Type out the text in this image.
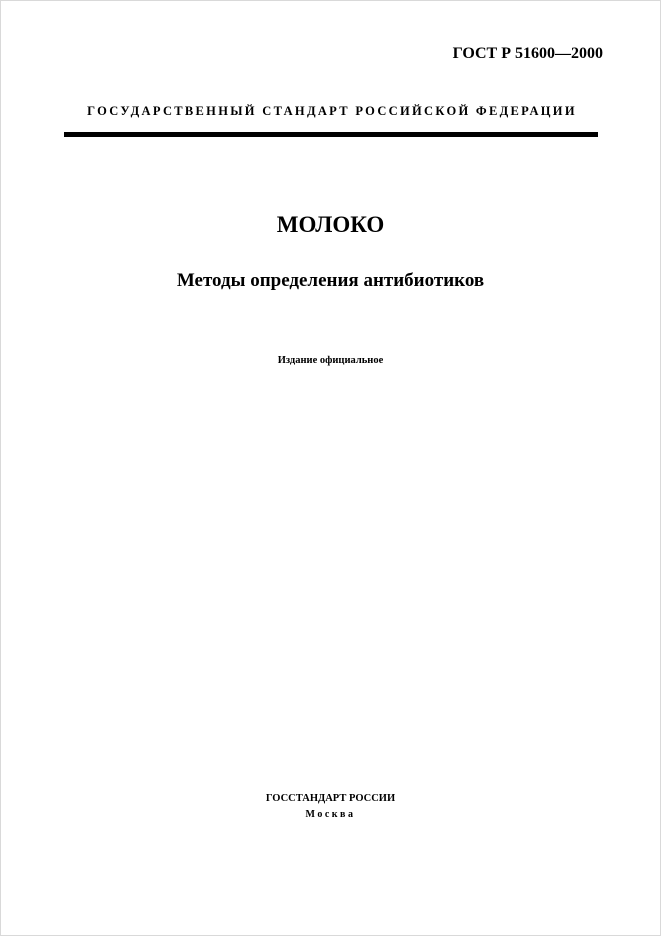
ГОСТ Р 51600—2000
ГОСУДАРСТВЕННЫЙ СТАНДАРТ РОССИЙСКОЙ ФЕДЕРАЦИИ
МОЛОКО
Методы определения антибиотиков
Издание официальное
ГОССТАНДАРТ РОССИИ
Москва
